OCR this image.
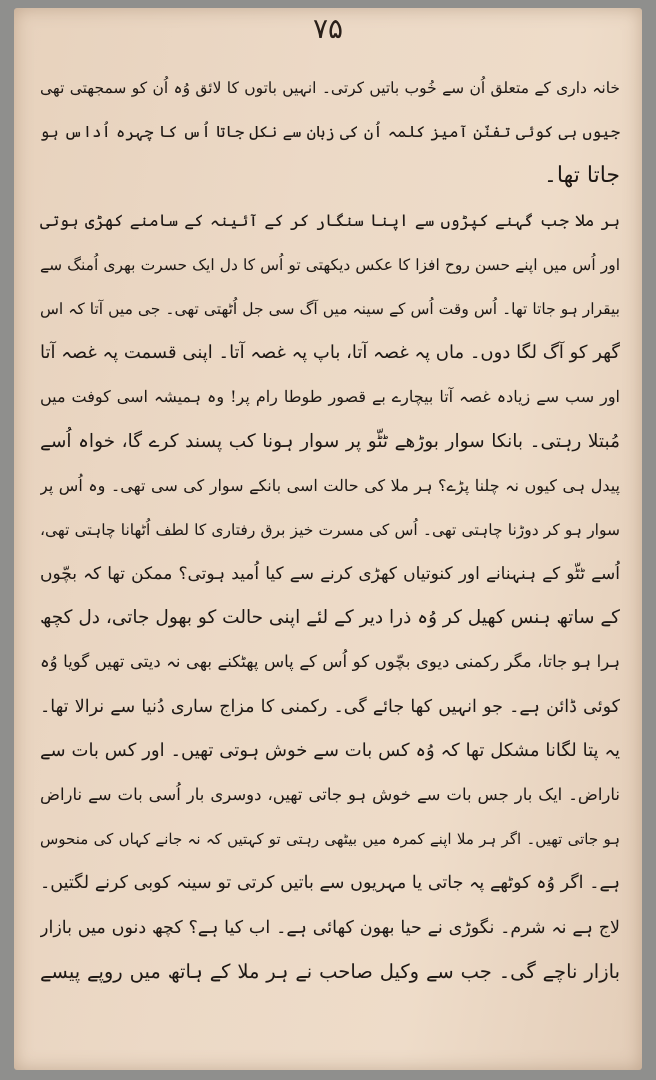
۷۵
خانہ داری کے متعلق اُن سے خُوب باتیں کرتی۔ انہیں باتوں کا لائق وُہ اُن کو سمجھتی تھی
جیوں ہی کوئی تفنّن آمیز کلمہ اُن کی زبان سے نکل جاتا اُس کا چہرہ اُداس ہو
جاتا تھا۔
ہر ملا جب گہنے کپڑوں سے اپنا سنگار کر کے آئینہ کے سامنے کھڑی ہوتی
اور اُس میں اپنے حسن روح افزا کا عکس دیکھتی تو اُس کا دل ایک حسرت بھری اُمنگ سے
بیقرار ہو جاتا تھا۔ اُس وقت اُس کے سینہ میں آگ سی جل اُٹھتی تھی۔ جی میں آتا کہ اس
گھر کو آگ لگا دوں۔ ماں پہ غصہ آتا، باپ پہ غصہ آتا۔ اپنی قسمت پہ غصہ آتا
اور سب سے زیادہ غصہ آتا بیچارے بے قصور طوطا رام پر! وہ ہمیشہ اسی کوفت میں
مُبتلا رہتی۔ بانکا سوار بوڑھے ٹٹّو پر سوار ہونا کب پسند کرے گا، خواہ اُسے
پیدل ہی کیوں نہ چلنا پڑے؟ ہر ملا کی حالت اسی بانکے سوار کی سی تھی۔ وہ اُس پر
سوار ہو کر دوڑنا چاہتی تھی۔ اُس کی مسرت خیز برق رفتاری کا لطف اُٹھانا چاہتی تھی،
اُسے ٹٹّو کے ہنہنانے اور کنوتیاں کھڑی کرنے سے کیا اُمید ہوتی؟ ممکن تھا کہ بچّوں
کے ساتھ ہنس کھیل کر وُہ ذرا دیر کے لئے اپنی حالت کو بھول جاتی، دل کچھ
ہرا ہو جاتا، مگر رکمنی دیوی بچّوں کو اُس کے پاس پھٹکنے بھی نہ دیتی تھیں گویا وُہ
کوئی ڈائن ہے۔ جو انہیں کھا جائے گی۔ رکمنی کا مزاج ساری دُنیا سے نرالا تھا۔
یہ پتا لگانا مشکل تھا کہ وُہ کس بات سے خوش ہوتی تھیں۔ اور کس بات سے
ناراض۔ ایک بار جس بات سے خوش ہو جاتی تھیں، دوسری بار اُسی بات سے ناراض
ہو جاتی تھیں۔ اگر ہر ملا اپنے کمرہ میں بیٹھی رہتی تو کہتیں کہ نہ جانے کہاں کی منحوس
ہے۔ اگر وُہ کوٹھے پہ جاتی یا مہریوں سے باتیں کرتی تو سینہ کوبی کرنے لگتیں۔
لاج ہے نہ شرم۔ نگوڑی نے حیا بھون کھائی ہے۔ اب کیا ہے؟ کچھ دنوں میں بازار
بازار ناچے گی۔ جب سے وکیل صاحب نے ہر ملا کے ہاتھ میں روپے پیسے
